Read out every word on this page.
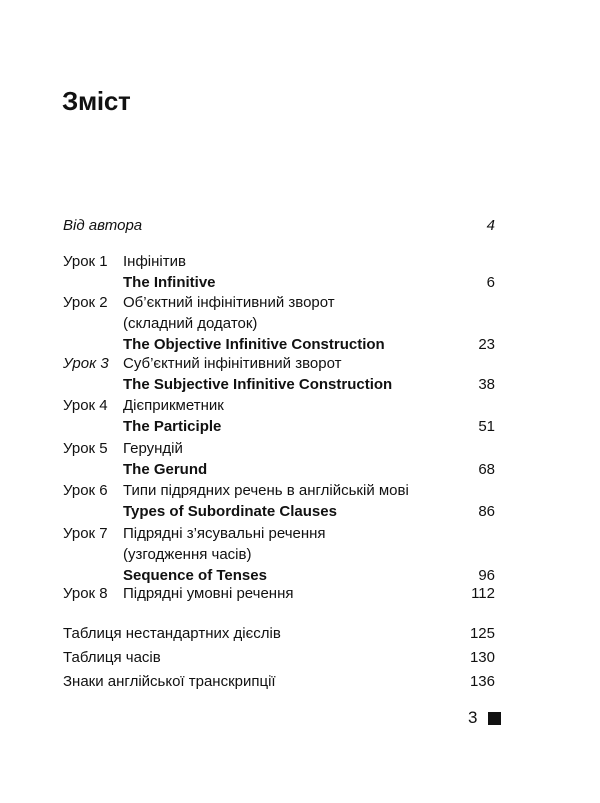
Зміст
Від автора	4
Урок 1 Інфінітив
The Infinitive	6
Урок 2 Об’єктний інфінітивний зворот
(складний додаток)
The Objective Infinitive Construction	23
Урок 3 Суб’єктний інфінітивний зворот
The Subjective Infinitive Construction	38
Урок 4 Дієприкметник
The Participle	51
Урок 5 Герундій
The Gerund	68
Урок 6 Типи підрядних речень в англійській мові
Types of Subordinate Clauses	86
Урок 7 Підрядні з’ясувальні речення
(узгодження часів)
Sequence of Tenses	96
Урок 8 Підрядні умовні речення	112
Таблиця нестандартних дієслів	125
Таблиця часів	130
Знаки англійської транскрипції	136
3
